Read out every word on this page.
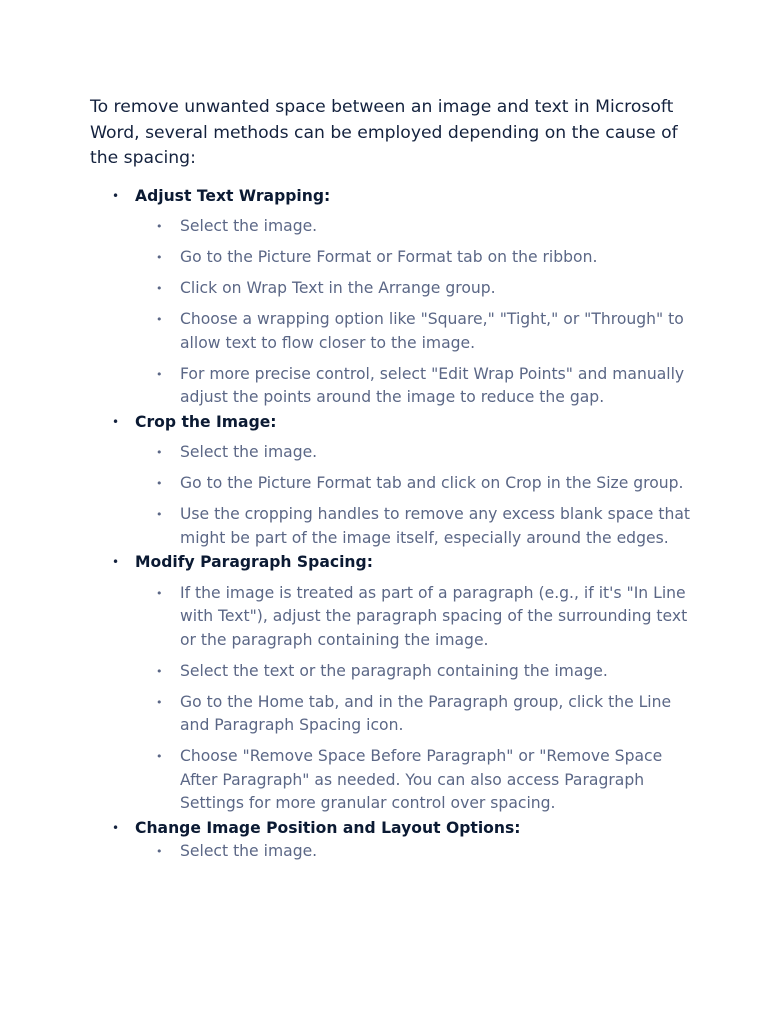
To remove unwanted space between an image and text in Microsoft Word, several methods can be employed depending on the cause of the spacing:

• Adjust Text Wrapping:
• Select the image.
• Go to the Picture Format or Format tab on the ribbon.
• Click on Wrap Text in the Arrange group.
• Choose a wrapping option like "Square," "Tight," or "Through" to allow text to flow closer to the image.
• For more precise control, select "Edit Wrap Points" and manually adjust the points around the image to reduce the gap.
• Crop the Image:
• Select the image.
• Go to the Picture Format tab and click on Crop in the Size group.
• Use the cropping handles to remove any excess blank space that might be part of the image itself, especially around the edges.
• Modify Paragraph Spacing:
• If the image is treated as part of a paragraph (e.g., if it's "In Line with Text"), adjust the paragraph spacing of the surrounding text or the paragraph containing the image.
• Select the text or the paragraph containing the image.
• Go to the Home tab, and in the Paragraph group, click the Line and Paragraph Spacing icon.
• Choose "Remove Space Before Paragraph" or "Remove Space After Paragraph" as needed. You can also access Paragraph Settings for more granular control over spacing.
• Change Image Position and Layout Options:
• Select the image.
